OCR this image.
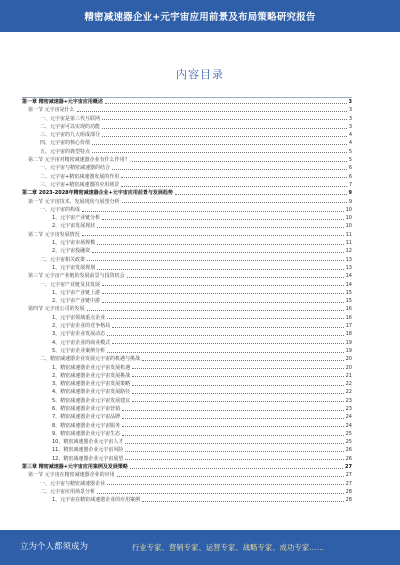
精密减速器企业+元宇宙应用前景及布局策略研究报告
内容目录
第一章 精密减速器+元宇宙应用概述	3
第一节 元宇宙是什么	3
一、元宇宙是第三代互联网	3
二、元宇宙可以实现的功能	3
三、元宇宙的九大组成部分	4
四、元宇宙的核心价值	4
五、元宇宙的典型特点	5
第二节 元宇宙对精密减速器企业有什么作用？	5
一、元宇宙与精密减速器的结合	6
二、元宇宙+精密减速器发展的作用	6
三、元宇宙+精密减速器的应用场景	7
第二章 2023-2028年精密减速器企业+元宇宙应用前景与发展趋势	9
第一节 元宇宙技术、发展现状与展望分析	9
一、元宇宙的构成	10
1、元宇宙产业链分析	10
2、元宇宙发展现状	10
第二节 元宇宙发展情况	11
1、元宇宙市场规模	11
2、元宇宙投融资	12
二、元宇宙相关政策	13
1、元宇宙发展规划	13
第三节 元宇宙产业链的发展前景与投资机会	14
一、元宇宙产业链及其发展	14
1、元宇宙产业链上游	15
2、元宇宙产业链中游	15
第四节 元宇宙公司的发展	16
1、元宇宙领域重点企业	16
2、元宇宙企业的竞争格局	17
3、元宇宙企业发展动态	18
4、元宇宙企业的商业模式	19
5、元宇宙企业案例分析	19
二、精密减速器企业发展元宇宙的机遇与挑战	20
1、精密减速器企业元宇宙发展机遇	20
2、精密减速器企业元宇宙发展挑战	21
3、精密减速器企业元宇宙发展策略	22
4、精密减速器企业元宇宙发展路径	22
5、精密减速器企业元宇宙发展建议	23
6、精密减速器企业元宇宙营销	23
7、精密减速器企业元宇宙品牌	24
8、精密减速器企业元宇宙服务	24
9、精密减速器企业元宇宙生态	25
10、精密减速器企业元宇宙人才	25
11、精密减速器企业元宇宙风险	26
12、精密减速器企业元宇宙展望	26
第三章 精密减速器+元宇宙应用案例及发展策略	27
第一节 元宇宙在精密减速器企业的应用	27
一、元宇宙与精密减速器企业	27
二、元宇宙应用场景分析	28
1、元宇宙在精密减速器企业的应用案例	28
立为个人都须成为	行业专家、营销专家、运营专家、战略专家、成功专家……
